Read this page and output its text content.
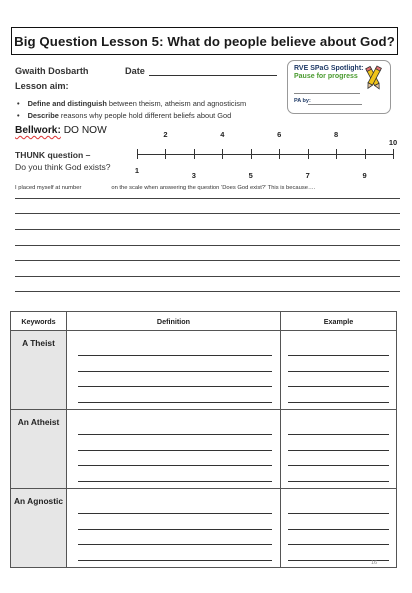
Big Question Lesson 5: What do people believe about God?
Gwaith Dosbarth	Date
Lesson aim:
• Define and distinguish between theism, atheism and agnosticism
• Describe reasons why people hold different beliefs about God
RVE SPaG Spotlight:
Pause for progress
PA by:
Bellwork: DO NOW
THUNK question –
Do you think God exists?
2	4	6	8
10
1
3	5	7	9
I placed myself at number	on the scale when answering the question ‘Does God exist?’ This is because….
Keywords	Definition	Example
A Theist	

An Atheist	

An Agnostic	

16
